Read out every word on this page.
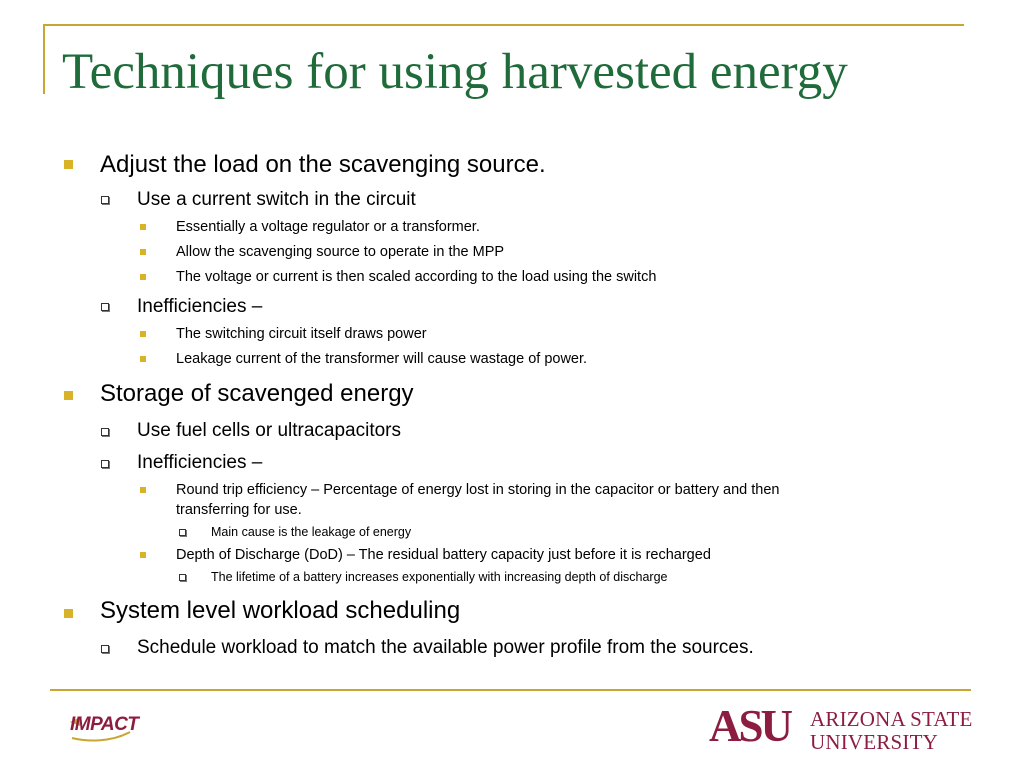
Techniques for using harvested energy
Adjust the load on the scavenging source.
Use a current switch in the circuit
Essentially a voltage regulator or a transformer.
Allow the scavenging source to operate in the MPP
The voltage or current is then scaled according to the load using the switch
Inefficiencies –
The switching circuit itself draws power
Leakage current of the transformer will cause wastage of power.
Storage of scavenged energy
Use fuel cells or ultracapacitors
Inefficiencies –
Round trip efficiency – Percentage of energy lost in storing in the capacitor or battery and then
transferring for use.
Main cause is the leakage of energy
Depth of Discharge (DoD) – The residual battery capacity just before it is recharged
The lifetime of a battery increases exponentially with increasing depth of discharge
System level workload scheduling
Schedule workload to match the available power profile from the sources.
IMPACT	ASU ARIZONA STATE
UNIVERSITY
